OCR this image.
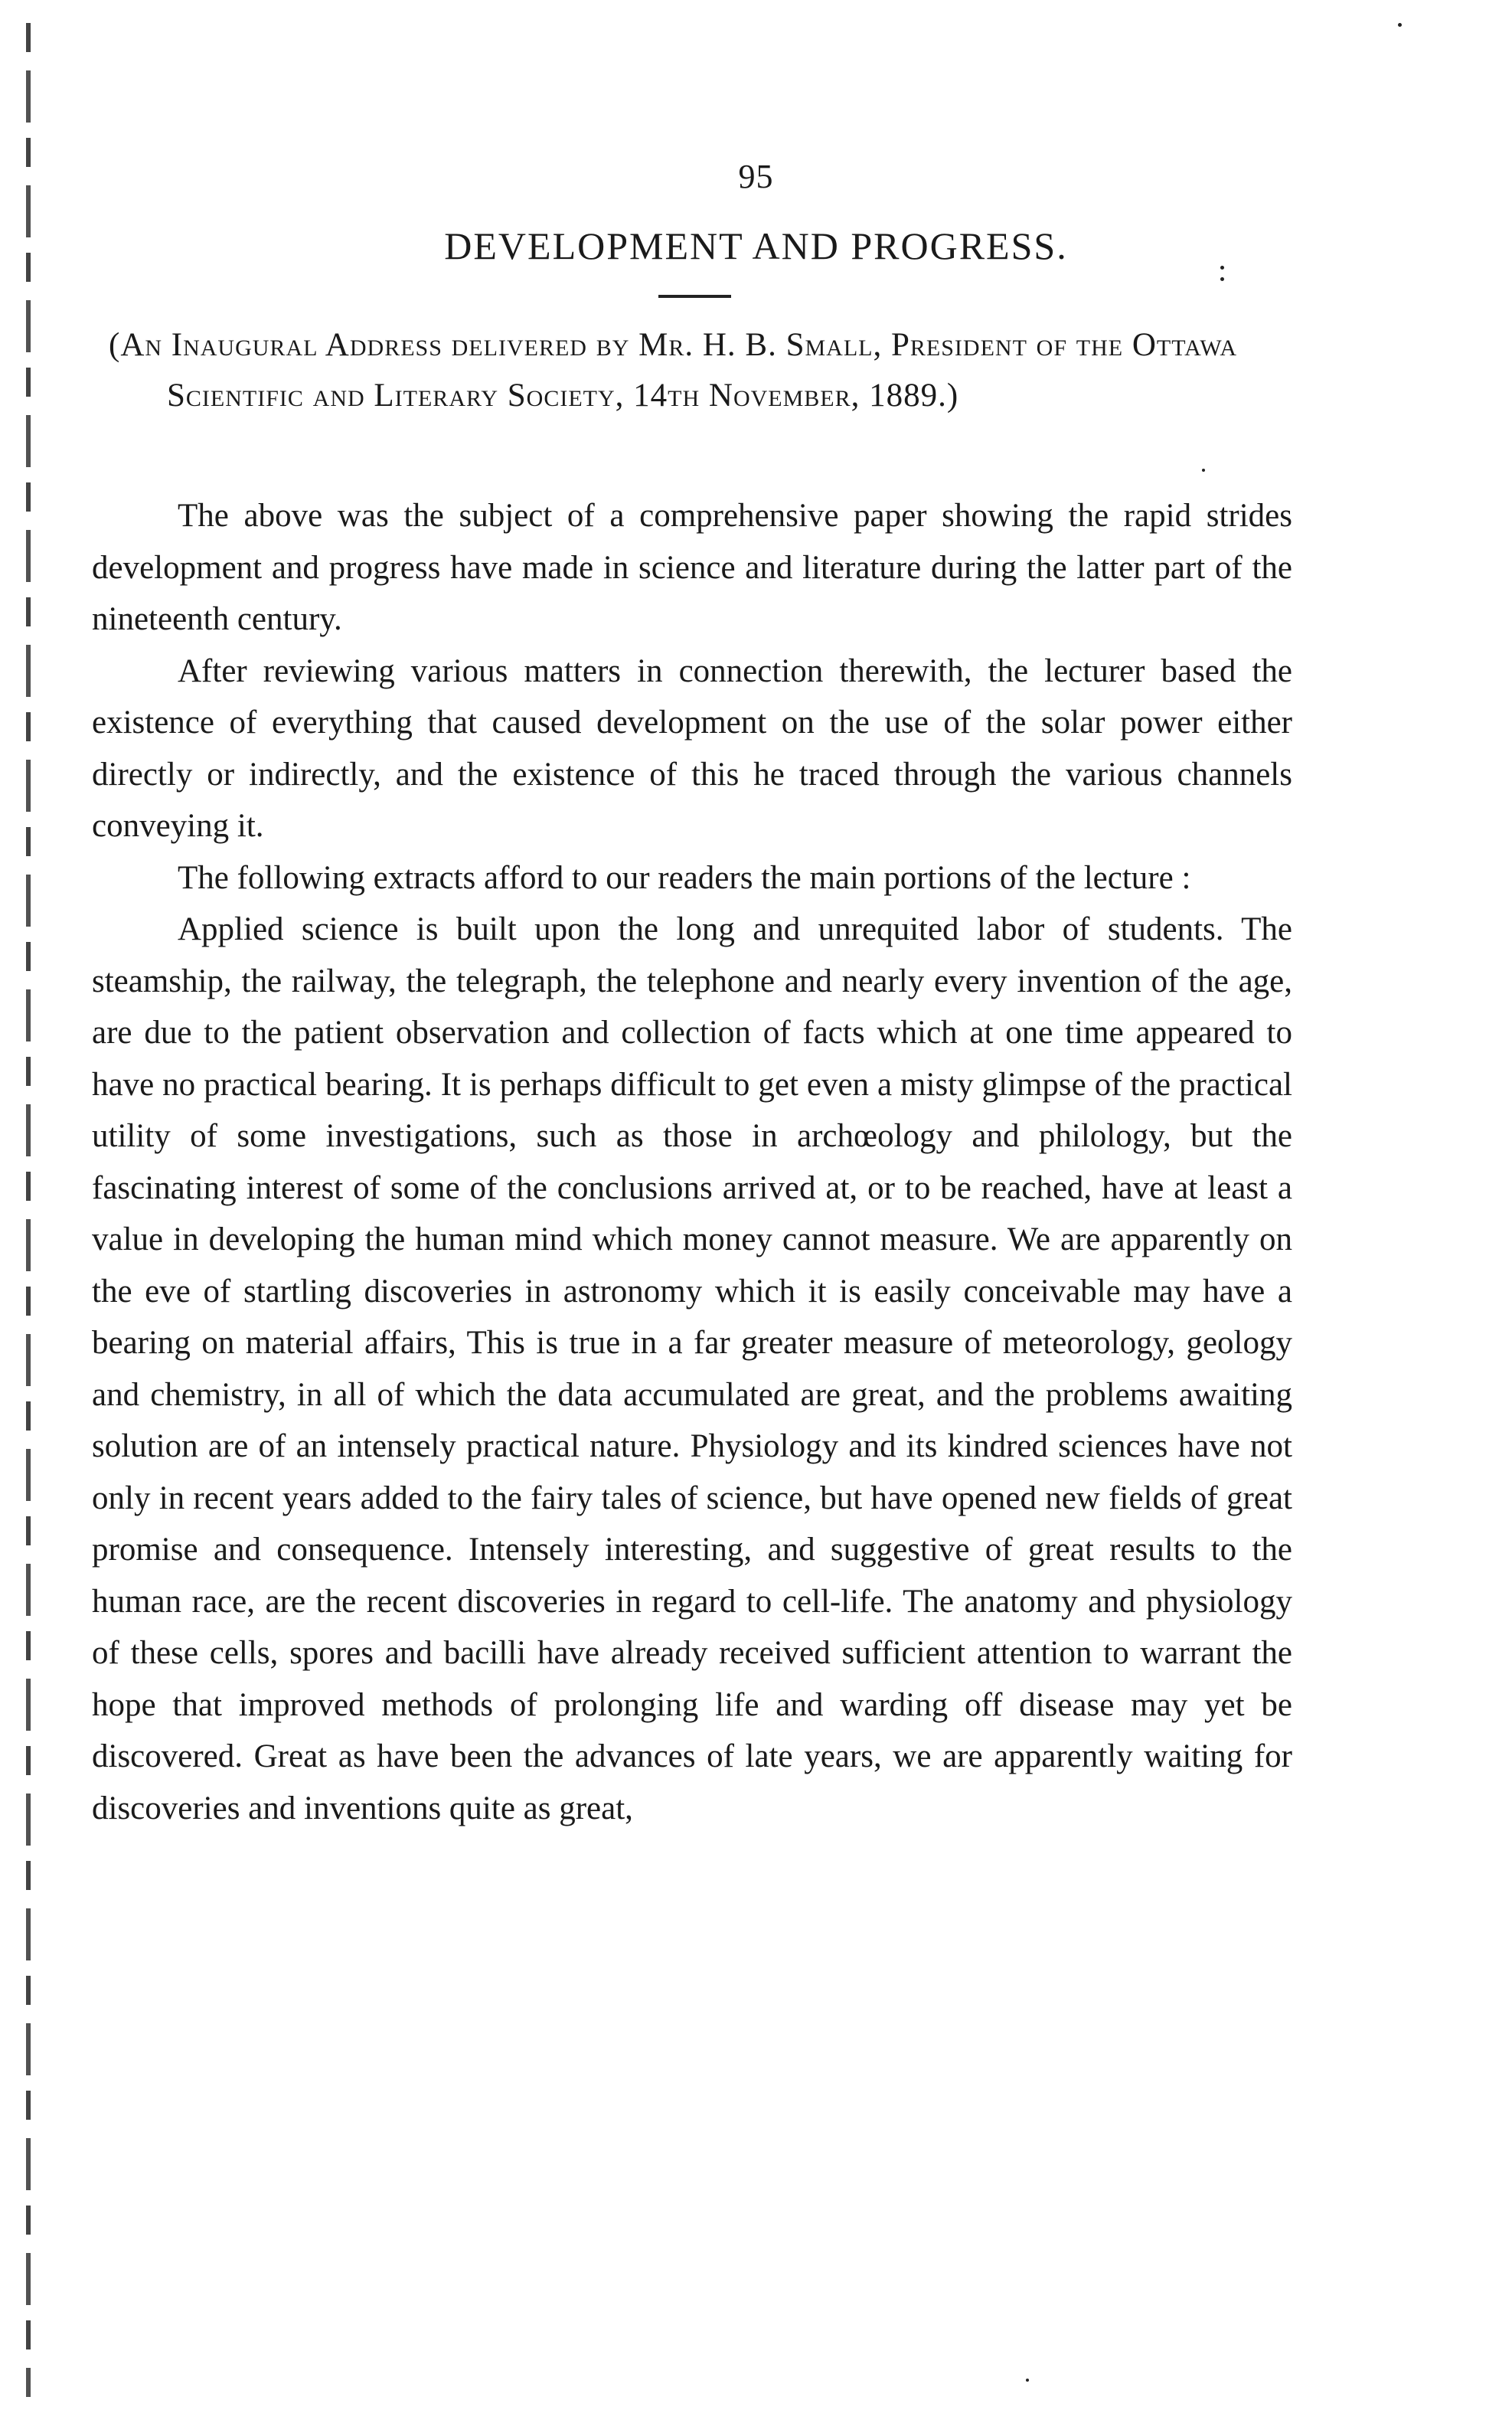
95
DEVELOPMENT AND PROGRESS.
(An Inaugural Address delivered by Mr. H. B. Small, President of the Ottawa Scientific and Literary Society, 14th November, 1889.)

The above was the subject of a comprehensive paper showing the rapid strides development and progress have made in science and literature during the latter part of the nineteenth century.

After reviewing various matters in connection therewith, the lecturer based the existence of everything that caused development on the use of the solar power either directly or indirectly, and the existence of this he traced through the various channels conveying it.

The following extracts afford to our readers the main portions of the lecture :

Applied science is built upon the long and unrequited labor of students. The steamship, the railway, the telegraph, the telephone and nearly every invention of the age, are due to the patient observation and collection of facts which at one time appeared to have no practical bearing. It is perhaps difficult to get even a misty glimpse of the practical utility of some investigations, such as those in archœology and philology, but the fascinating interest of some of the conclusions arrived at, or to be reached, have at least a value in developing the human mind which money cannot measure. We are apparently on the eve of startling discoveries in astronomy which it is easily conceivable may have a bearing on material affairs, This is true in a far greater measure of meteorology, geology and chemistry, in all of which the data accumulated are great, and the problems awaiting solution are of an intensely practical nature. Physiology and its kindred sciences have not only in recent years added to the fairy tales of science, but have opened new fields of great promise and consequence. Intensely interesting, and suggestive of great results to the human race, are the recent discoveries in regard to cell-life. The anatomy and physiology of these cells, spores and bacilli have already received sufficient attention to warrant the hope that improved methods of prolonging life and warding off disease may yet be discovered. Great as have been the advances of late years, we are apparently waiting for discoveries and inventions quite as great,
